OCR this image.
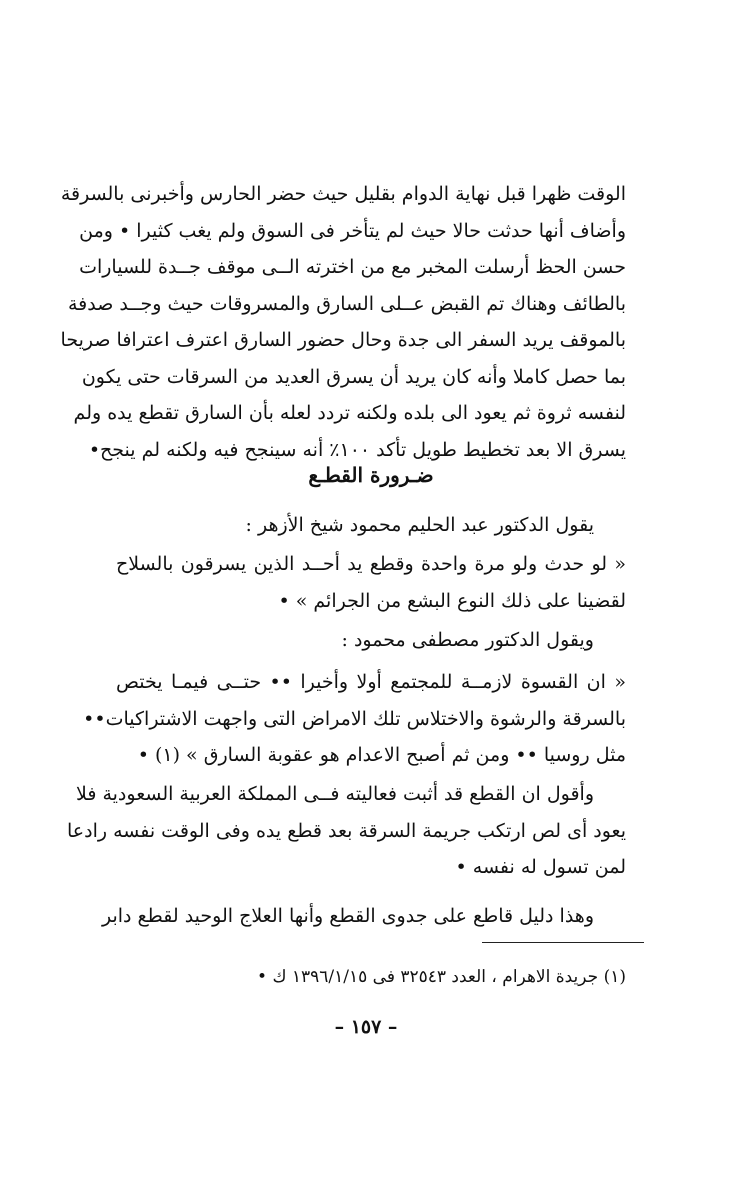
الوقت ظهرا قبل نهاية الدوام بقليل حيث حضر الحارس وأخبرنى بالسرقة
وأضاف أنها حدثت حالا حيث لم يتأخر فى السوق ولم يغب كثيرا • ومن
حسن الحظ أرسلت المخبر مع من اخترته الــى موقف جــدة للسيارات
بالطائف وهناك تم القبض عــلى السارق والمسروقات حيث وجــد صدفة
بالموقف يريد السفر الى جدة وحال حضور السارق اعترف اعترافا صريحا
بما حصل كاملا وأنه كان يريد أن يسرق العديد من السرقات حتى يكون
لنفسه ثروة ثم يعود الى بلده ولكنه تردد لعله بأن السارق تقطع يده ولم
يسرق الا بعد تخطيط طويل تأكد ١٠٠٪ أنه سينجح فيه ولكنه لم ينجح•
ضـرورة القطـع
يقول الدكتور عبد الحليم محمود شيخ الأزهر :
« لو حدث ولو مرة واحدة وقطع يد أحــد الذين يسرقون بالسلاح
لقضينا على ذلك النوع البشع من الجرائم » •
ويقول الدكتور مصطفى محمود :
« ان القسوة لازمــة للمجتمع أولا وأخيرا •• حتــى فيمـا يختص
بالسرقة والرشوة والاختلاس تلك الامراض التى واجهت الاشتراكيات••
مثل روسيا •• ومن ثم أصبح الاعدام هو عقوبة السارق » (١) •
وأقول ان القطع قد أثبت فعاليته فــى المملكة العربية السعودية فلا
يعود أى لص ارتكب جريمة السرقة بعد قطع يده وفى الوقت نفسه رادعا
لمن تسول له نفسه •
وهذا دليل قاطع على جدوى القطع وأنها العلاج الوحيد لقطع دابر
(١) جريدة الاهرام ، العدد ٣٢٥٤٣ فى ١٣٩٦/١/١٥ ك •
– ١٥٧ –
